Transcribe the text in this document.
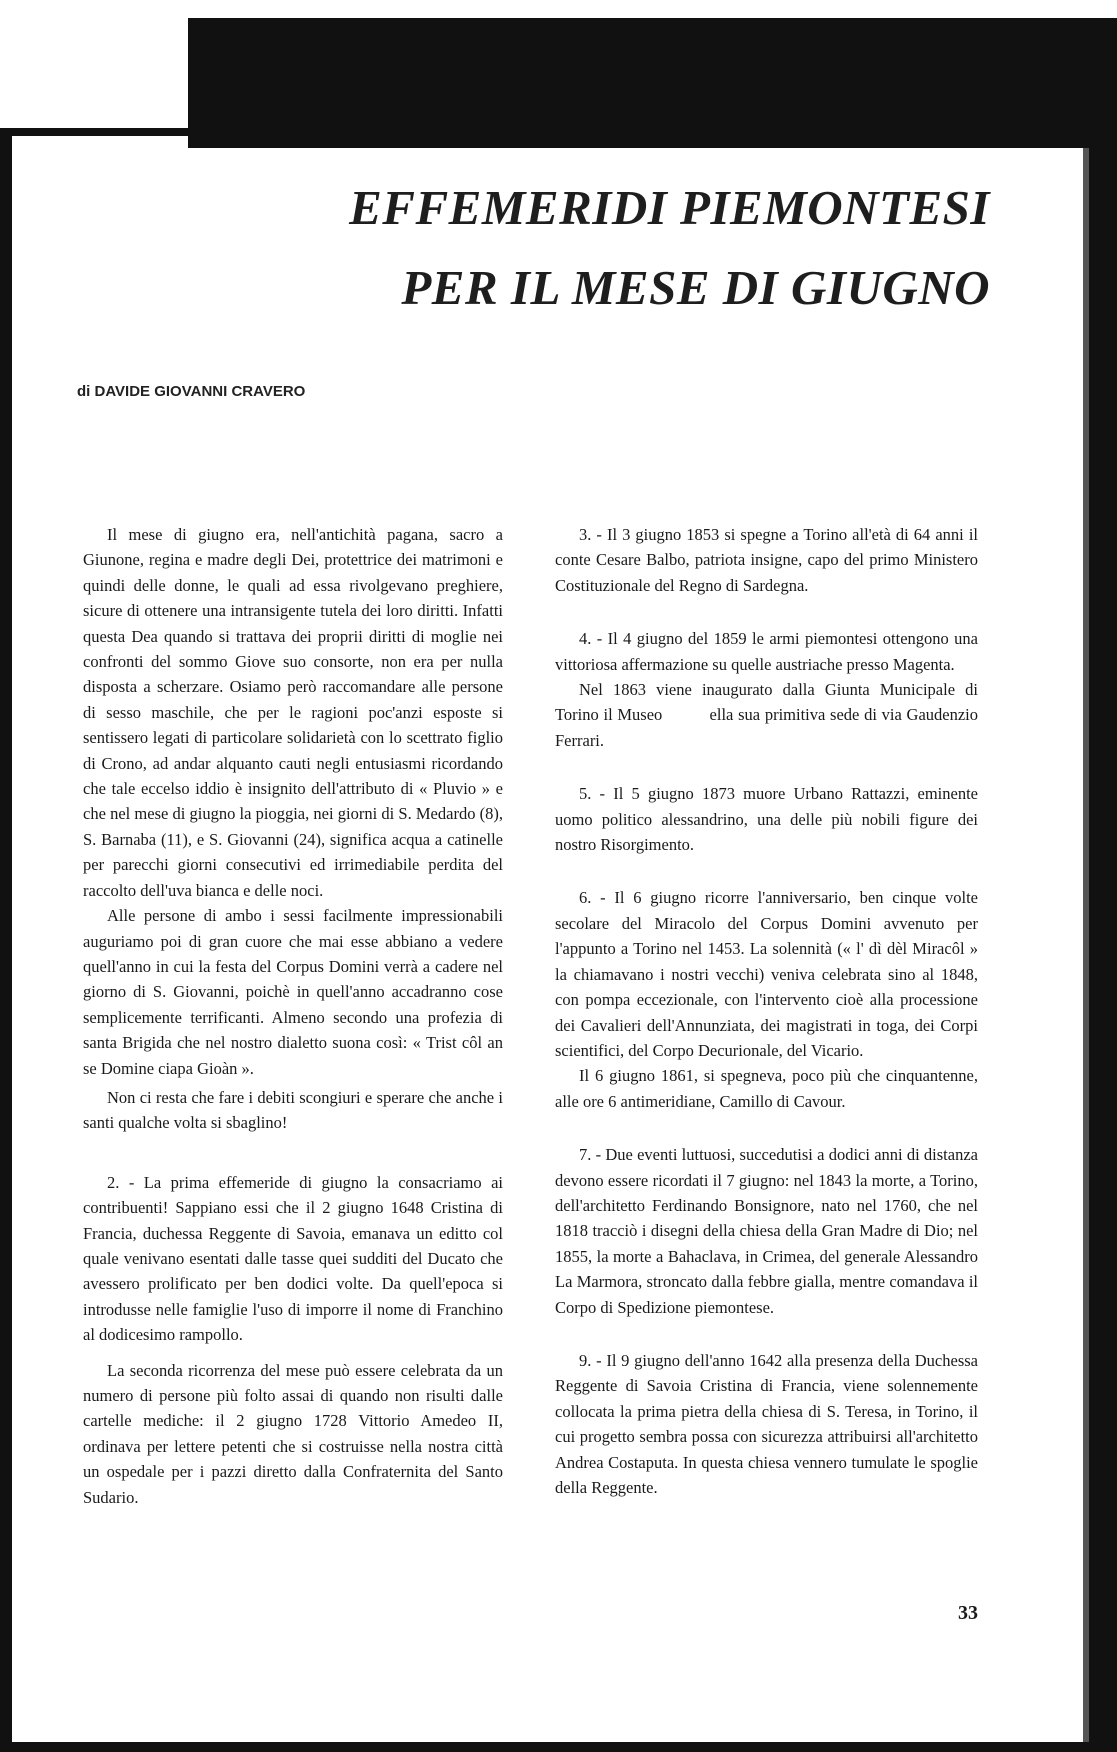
EFFEMERIDI PIEMONTESI
PER IL MESE DI GIUGNO
di DAVIDE GIOVANNI CRAVERO

Il mese di giugno era, nell'antichità pagana, sacro a Giunone, regina e madre degli Dei, protettrice dei matrimoni e quindi delle donne, le quali ad essa rivolgevano preghiere, sicure di ottenere una intransigente tutela dei loro diritti. Infatti questa Dea quando si trattava dei proprii diritti di moglie nei confronti del sommo Giove suo consorte, non era per nulla disposta a scherzare. Osiamo però raccomandare alle persone di sesso maschile, che per le ragioni poc'anzi esposte si sentissero legati di particolare solidarietà con lo scettrato figlio di Crono, ad andar alquanto cauti negli entusiasmi ricordando che tale eccelso iddio è insignito dell'attributo di « Pluvio » e che nel mese di giugno la pioggia, nei giorni di S. Medardo (8), S. Barnaba (11), e S. Giovanni (24), significa acqua a catinelle per parecchi giorni consecutivi ed irrimediabile perdita del raccolto dell'uva bianca e delle noci.

Alle persone di ambo i sessi facilmente impressionabili auguriamo poi di gran cuore che mai esse abbiano a vedere quell'anno in cui la festa del Corpus Domini verrà a cadere nel giorno di S. Giovanni, poichè in quell'anno accadranno cose semplicemente terrificanti. Almeno secondo una profezia di santa Brigida che nel nostro dialetto suona così: « Trist côl an se Domine ciapa Gioàn ».

Non ci resta che fare i debiti scongiuri e sperare che anche i santi qualche volta si sbaglino!

2. - La prima effemeride di giugno la consacriamo ai contribuenti! Sappiano essi che il 2 giugno 1648 Cristina di Francia, duchessa Reggente di Savoia, emanava un editto col quale venivano esentati dalle tasse quei sudditi del Ducato che avessero prolificato per ben dodici volte. Da quell'epoca si introdusse nelle famiglie l'uso di imporre il nome di Franchino al dodicesimo rampollo.

La seconda ricorrenza del mese può essere celebrata da un numero di persone più folto assai di quando non risulti dalle cartelle mediche: il 2 giugno 1728 Vittorio Amedeo II, ordinava per lettere petenti che si costruisse nella nostra città un ospedale per i pazzi diretto dalla Confraternita del Santo Sudario.

3. - Il 3 giugno 1853 si spegne a Torino all'età di 64 anni il conte Cesare Balbo, patriota insigne, capo del primo Ministero Costituzionale del Regno di Sardegna.

4. - Il 4 giugno del 1859 le armi piemontesi ottengono una vittoriosa affermazione su quelle austriache presso Magenta.

Nel 1863 viene inaugurato dalla Giunta Municipale di Torino il Museo          ella sua primitiva sede di via Gaudenzio Ferrari.

5. - Il 5 giugno 1873 muore Urbano Rattazzi, eminente uomo politico alessandrino, una delle più nobili figure dei nostro Risorgimento.

6. - Il 6 giugno ricorre l'anniversario, ben cinque volte secolare del Miracolo del Corpus Domini avvenuto per l'appunto a Torino nel 1453. La solennità (« l' dì dèl Miracôl » la chiamavano i nostri vecchi) veniva celebrata sino al 1848, con pompa eccezionale, con l'intervento cioè alla processione dei Cavalieri dell'Annunziata, dei magistrati in toga, dei Corpi scientifici, del Corpo Decurionale, del Vicario.

Il 6 giugno 1861, si spegneva, poco più che cinquantenne, alle ore 6 antimeridiane, Camillo di Cavour.

7. - Due eventi luttuosi, succedutisi a dodici anni di distanza devono essere ricordati il 7 giugno: nel 1843 la morte, a Torino, dell'architetto Ferdinando Bonsignore, nato nel 1760, che nel 1818 tracciò i disegni della chiesa della Gran Madre di Dio; nel 1855, la morte a Bahaclava, in Crimea, del generale Alessandro La Marmora, stroncato dalla febbre gialla, mentre comandava il Corpo di Spedizione piemontese.

9. - Il 9 giugno dell'anno 1642 alla presenza della Duchessa Reggente di Savoia Cristina di Francia, viene solennemente collocata la prima pietra della chiesa di S. Teresa, in Torino, il cui progetto sembra possa con sicurezza attribuirsi all'architetto Andrea Costaputa. In questa chiesa vennero tumulate le spoglie della Reggente.

33
